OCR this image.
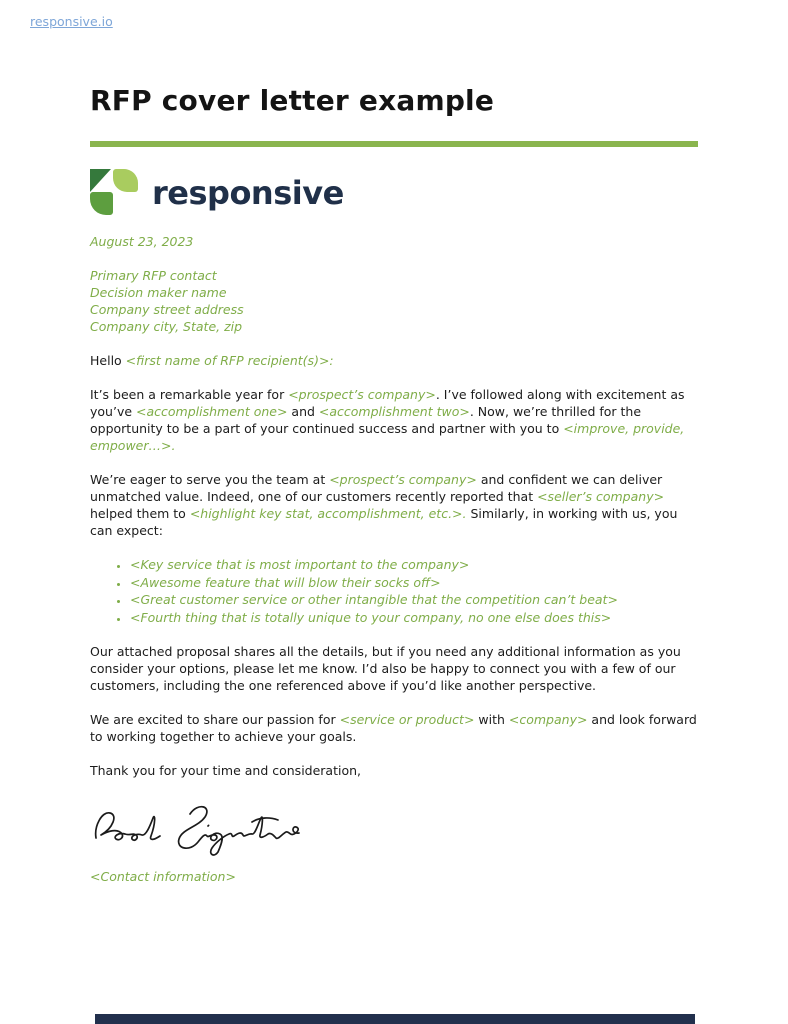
responsive.io
RFP cover letter example
responsive
August 23, 2023
Primary RFP contact
Decision maker name
Company street address
Company city, State, zip
Hello <first name of RFP recipient(s)>:

It’s been a remarkable year for <prospect’s company>. I’ve followed along with excitement as you’ve <accomplishment one> and <accomplishment two>. Now, we’re thrilled for the opportunity to be a part of your continued success and partner with you to <improve, provide, empower…>.

We’re eager to serve you the team at <prospect’s company> and confident we can deliver unmatched value. Indeed, one of our customers recently reported that <seller’s company> helped them to <highlight key stat, accomplishment, etc.>. Similarly, in working with us, you can expect:

• <Key service that is most important to the company>
• <Awesome feature that will blow their socks off>
• <Great customer service or other intangible that the competition can’t beat>
• <Fourth thing that is totally unique to your company, no one else does this>

Our attached proposal shares all the details, but if you need any additional information as you consider your options, please let me know. I’d also be happy to connect you with a few of our customers, including the one referenced above if you’d like another perspective.

We are excited to share our passion for <service or product> with <company> and look forward to working together to achieve your goals.

Thank you for your time and consideration,

<Contact information>
